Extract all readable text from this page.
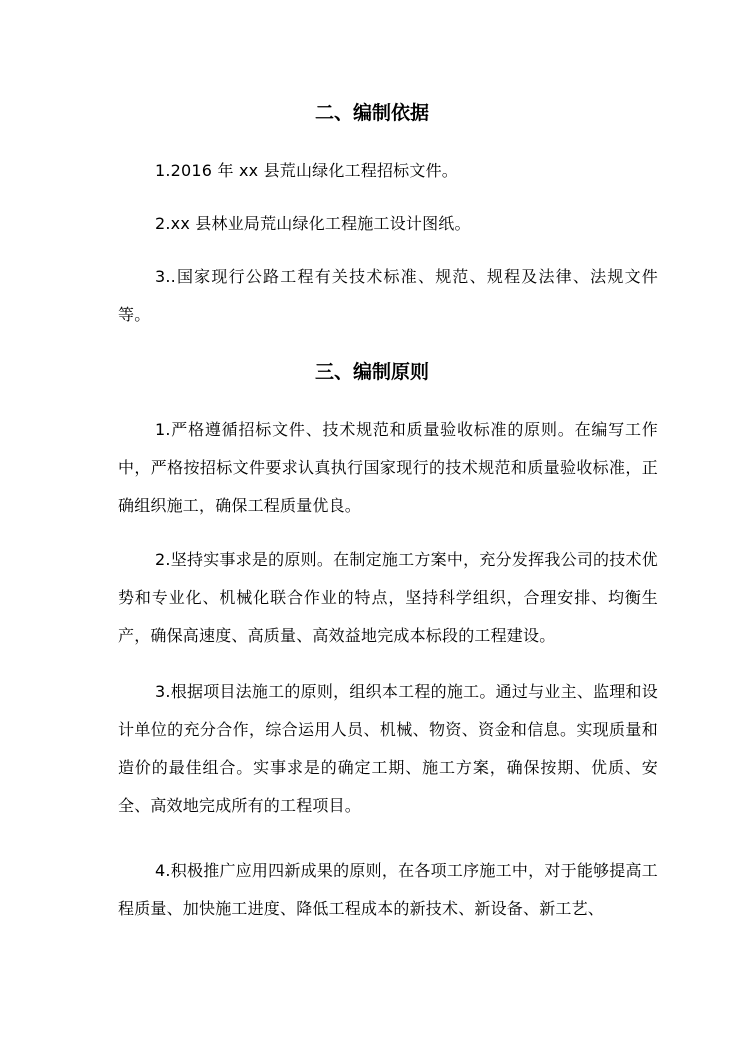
二、编制依据

1.2016 年 xx 县荒山绿化工程招标文件。

2.xx 县林业局荒山绿化工程施工设计图纸。

3..国家现行公路工程有关技术标准、规范、规程及法律、法规文件等。

三、编制原则

1.严格遵循招标文件、技术规范和质量验收标准的原则。在编写工作中，严格按招标文件要求认真执行国家现行的技术规范和质量验收标准，正确组织施工，确保工程质量优良。

2.坚持实事求是的原则。在制定施工方案中，充分发挥我公司的技术优势和专业化、机械化联合作业的特点，坚持科学组织，合理安排、均衡生产，确保高速度、高质量、高效益地完成本标段的工程建设。

3.根据项目法施工的原则，组织本工程的施工。通过与业主、监理和设计单位的充分合作，综合运用人员、机械、物资、资金和信息。实现质量和造价的最佳组合。实事求是的确定工期、施工方案，确保按期、优质、安全、高效地完成所有的工程项目。

4.积极推广应用四新成果的原则，在各项工序施工中，对于能够提高工程质量、加快施工进度、降低工程成本的新技术、新设备、新工艺、
